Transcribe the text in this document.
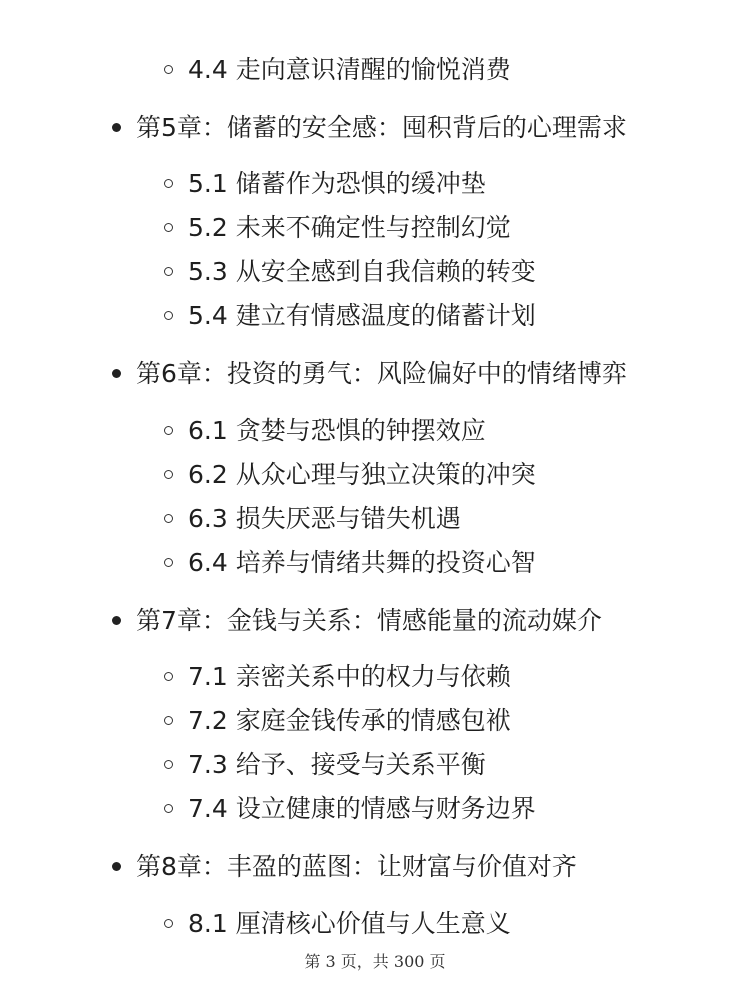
4.4 走向意识清醒的愉悦消费
第5章：储蓄的安全感：囤积背后的心理需求
5.1 储蓄作为恐惧的缓冲垫
5.2 未来不确定性与控制幻觉
5.3 从安全感到自我信赖的转变
5.4 建立有情感温度的储蓄计划
第6章：投资的勇气：风险偏好中的情绪博弈
6.1 贪婪与恐惧的钟摆效应
6.2 从众心理与独立决策的冲突
6.3 损失厌恶与错失机遇
6.4 培养与情绪共舞的投资心智
第7章：金钱与关系：情感能量的流动媒介
7.1 亲密关系中的权力与依赖
7.2 家庭金钱传承的情感包袱
7.3 给予、接受与关系平衡
7.4 设立健康的情感与财务边界
第8章：丰盈的蓝图：让财富与价值对齐
8.1 厘清核心价值与人生意义
第 3 页，共 300 页
